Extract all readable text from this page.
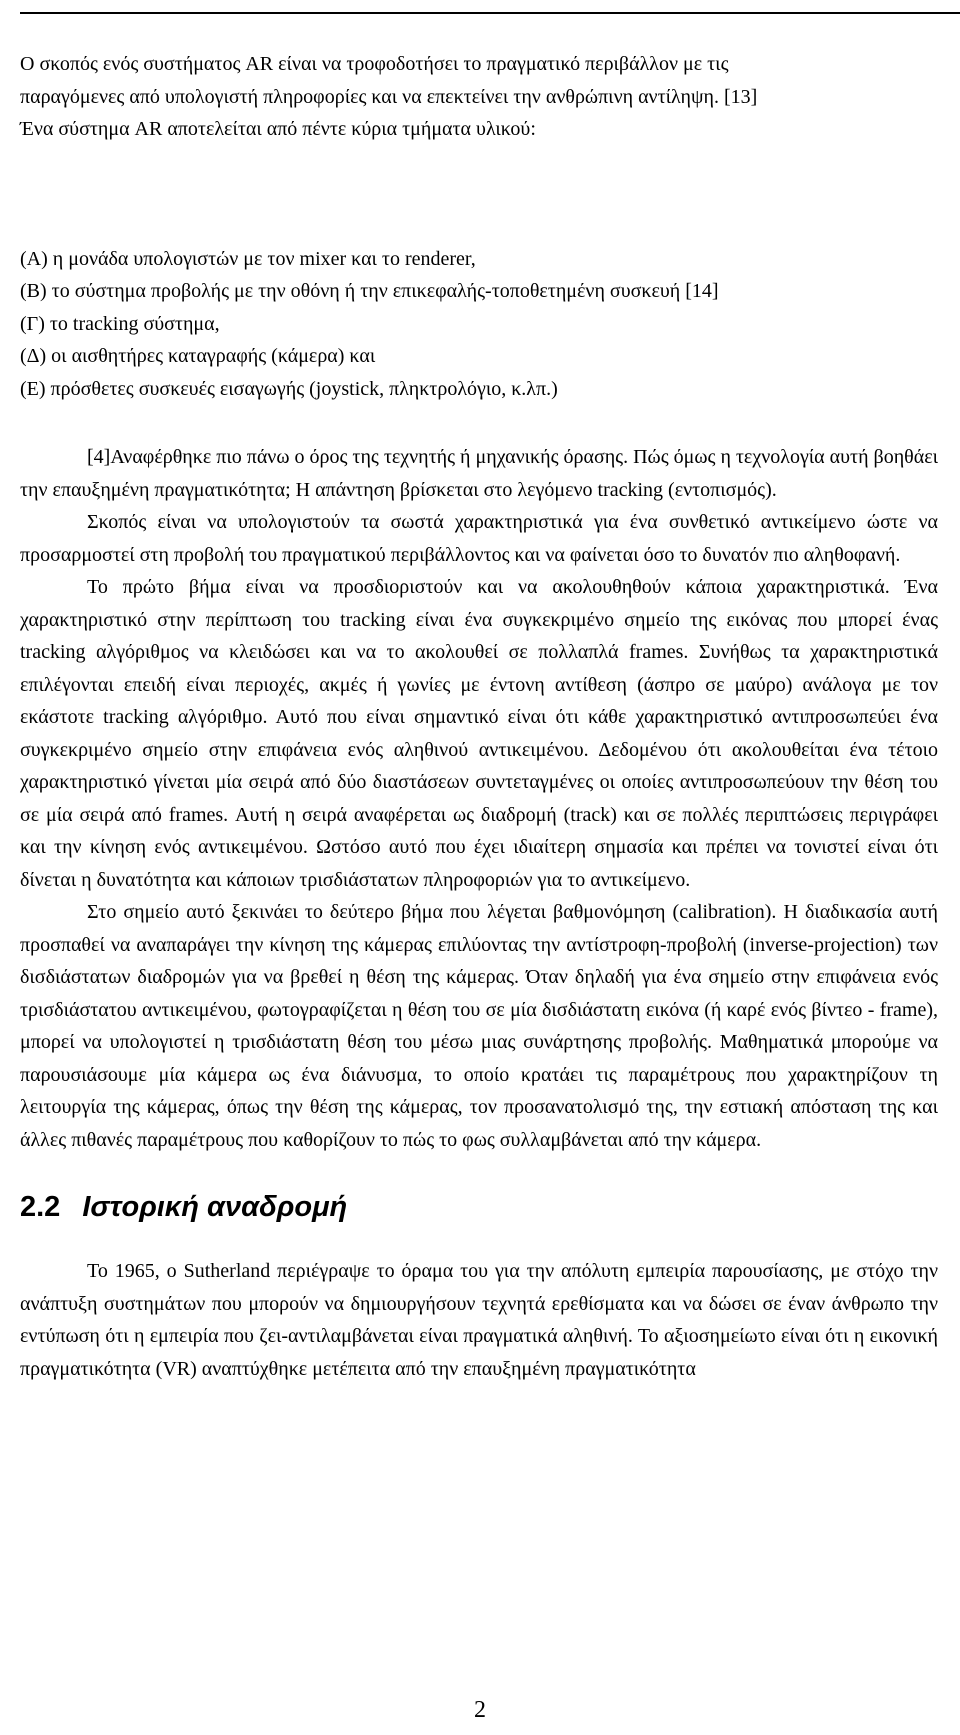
Ο σκοπός ενός συστήματος AR είναι να τροφοδοτήσει το πραγματικό περιβάλλον με τις

παραγόμενες από υπολογιστή πληροφορίες και να επεκτείνει την ανθρώπινη αντίληψη. [13]

Ένα σύστημα AR αποτελείται από πέντε κύρια τμήματα υλικού:

(Α) η μονάδα υπολογιστών με τον mixer και το renderer,
(Β) το σύστημα προβολής με την οθόνη ή την επικεφαλής-τοποθετημένη συσκευή [14]
(Γ) το tracking σύστημα,
(Δ) οι αισθητήρες καταγραφής (κάμερα) και
(Ε) πρόσθετες συσκευές εισαγωγής (joystick, πληκτρολόγιο, κ.λπ.)

[4]Αναφέρθηκε πιο πάνω ο όρος της τεχνητής ή μηχανικής όρασης. Πώς όμως η τεχνολογία αυτή βοηθάει την επαυξημένη πραγματικότητα; Η απάντηση βρίσκεται στο λεγόμενο tracking (εντοπισμός).

Σκοπός είναι να υπολογιστούν τα σωστά χαρακτηριστικά για ένα συνθετικό αντικείμενο ώστε να προσαρμοστεί στη προβολή του πραγματικού περιβάλλοντος και να φαίνεται όσο το δυνατόν πιο αληθοφανή.

Το πρώτο βήμα είναι να προσδιοριστούν και να ακολουθηθούν κάποια χαρακτηριστικά. Ένα χαρακτηριστικό στην περίπτωση του tracking είναι ένα συγκεκριμένο σημείο της εικόνας που μπορεί ένας tracking αλγόριθμος να κλειδώσει και να το ακολουθεί σε πολλαπλά frames. Συνήθως τα χαρακτηριστικά επιλέγονται επειδή είναι περιοχές, ακμές ή γωνίες με έντονη αντίθεση (άσπρο σε μαύρο) ανάλογα με τον εκάστοτε tracking αλγόριθμο. Αυτό που είναι σημαντικό είναι ότι κάθε χαρακτηριστικό αντιπροσωπεύει ένα συγκεκριμένο σημείο στην επιφάνεια ενός αληθινού αντικειμένου. Δεδομένου ότι ακολουθείται ένα τέτοιο χαρακτηριστικό γίνεται μία σειρά από δύο διαστάσεων συντεταγμένες οι οποίες αντιπροσωπεύουν την θέση του σε μία σειρά από frames. Αυτή η σειρά αναφέρεται ως διαδρομή (track) και σε πολλές περιπτώσεις περιγράφει και την κίνηση ενός αντικειμένου. Ωστόσο αυτό που έχει ιδιαίτερη σημασία και πρέπει να τονιστεί είναι ότι δίνεται η δυνατότητα και κάποιων τρισδιάστατων πληροφοριών για το αντικείμενο.

Στο σημείο αυτό ξεκινάει το δεύτερο βήμα που λέγεται βαθμονόμηση (calibration). Η διαδικασία αυτή προσπαθεί να αναπαράγει την κίνηση της κάμερας επιλύοντας την αντίστροφη-προβολή (inverse-projection) των δισδιάστατων διαδρομών για να βρεθεί η θέση της κάμερας. Όταν δηλαδή για ένα σημείο στην επιφάνεια ενός τρισδιάστατου αντικειμένου, φωτογραφίζεται η θέση του σε μία δισδιάστατη εικόνα (ή καρέ ενός βίντεο - frame), μπορεί να υπολογιστεί η τρισδιάστατη θέση του μέσω μιας συνάρτησης προβολής. Μαθηματικά μπορούμε να παρουσιάσουμε μία κάμερα ως ένα διάνυσμα, το οποίο κρατάει τις παραμέτρους που χαρακτηρίζουν τη λειτουργία της κάμερας, όπως την θέση της κάμερας, τον προσανατολισμό της, την εστιακή απόσταση της και άλλες πιθανές παραμέτρους που καθορίζουν το πώς το φως συλλαμβάνεται από την κάμερα.

2.2 Ιστορική αναδρομή

Το 1965, ο Sutherland περιέγραψε το όραμα του για την απόλυτη εμπειρία παρουσίασης, με στόχο την ανάπτυξη συστημάτων που μπορούν να δημιουργήσουν τεχνητά ερεθίσματα και να δώσει σε έναν άνθρωπο την εντύπωση ότι η εμπειρία που ζει-αντιλαμβάνεται είναι πραγματικά αληθινή. Το αξιοσημείωτο είναι ότι η εικονική πραγματικότητα (VR) αναπτύχθηκε μετέπειτα από την επαυξημένη πραγματικότητα

2
